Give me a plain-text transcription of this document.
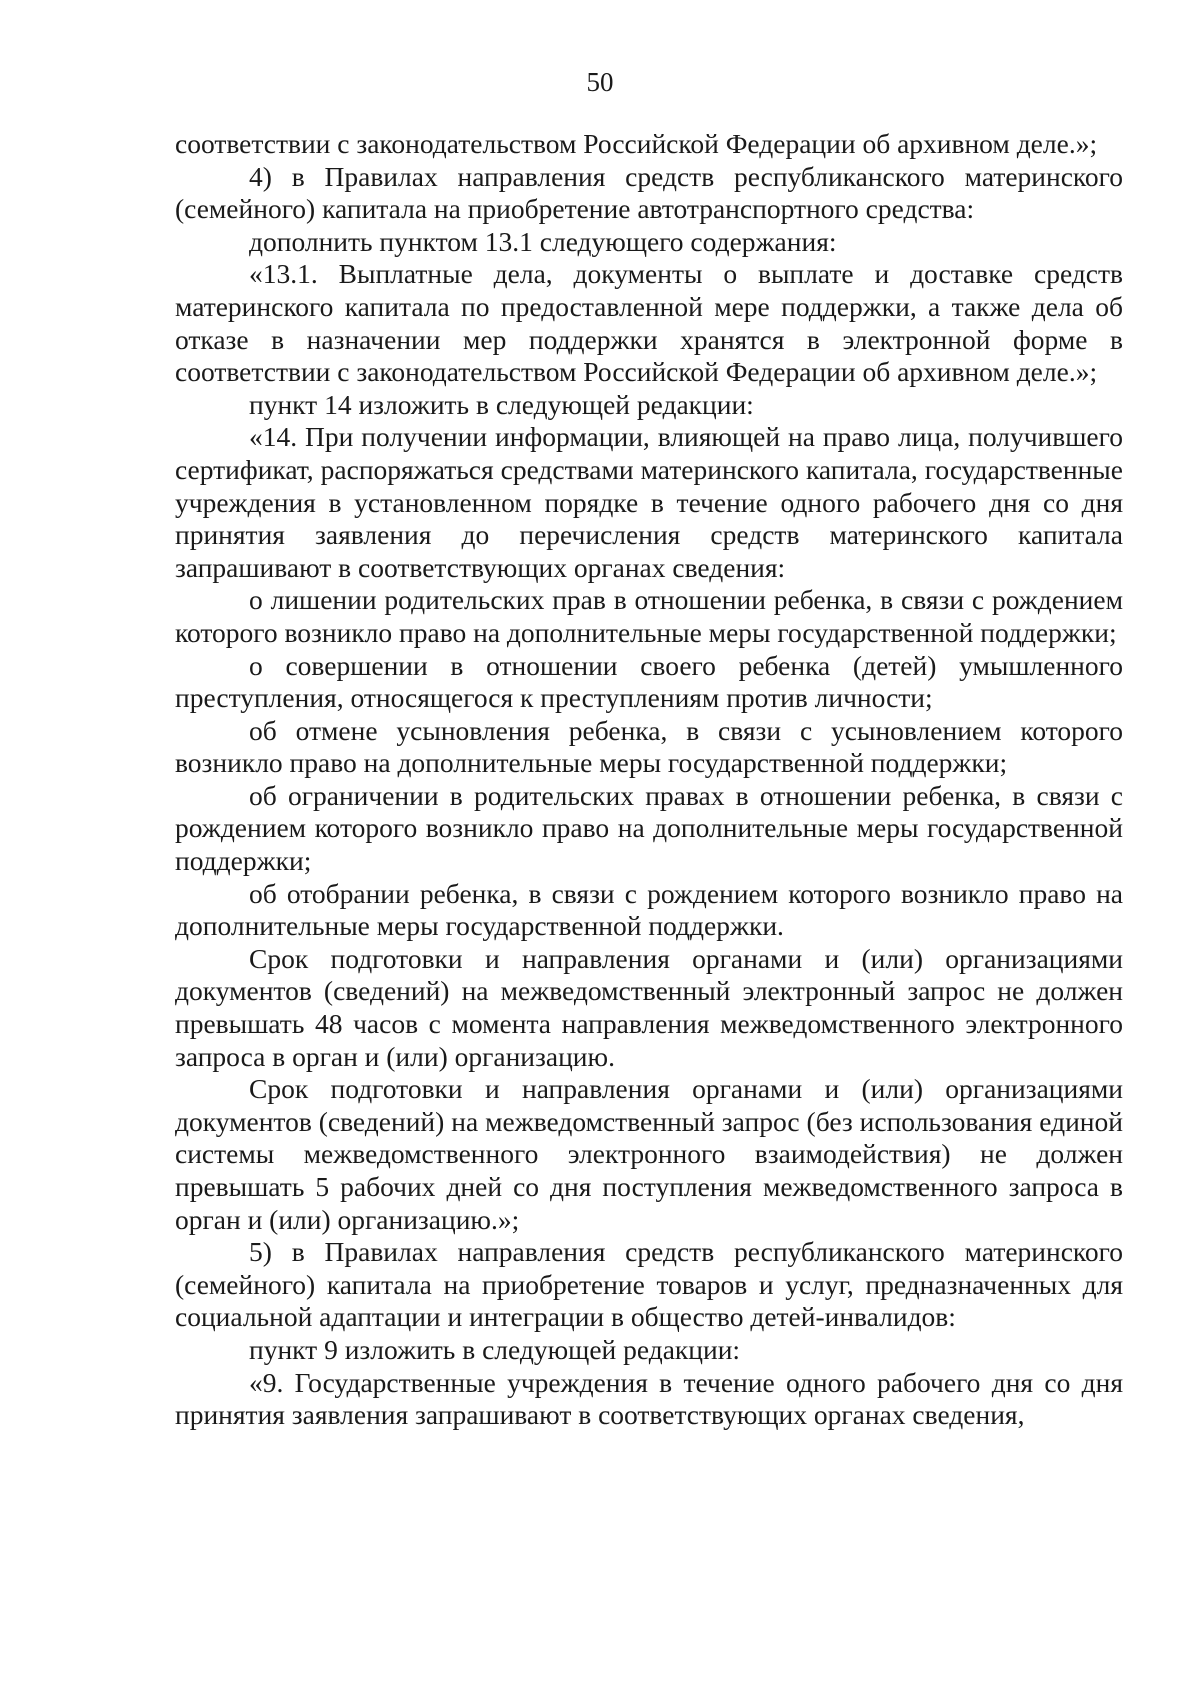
50

соответствии с законодательством Российской Федерации об архивном деле.»;

4) в Правилах направления средств республиканского материнского (семейного) капитала на приобретение автотранспортного средства:

дополнить пунктом 13.1 следующего содержания:

«13.1. Выплатные дела, документы о выплате и доставке средств материнского капитала по предоставленной мере поддержки, а также дела об отказе в назначении мер поддержки хранятся в электронной форме в соответствии с законодательством Российской Федерации об архивном деле.»;

пункт 14 изложить в следующей редакции:

«14. При получении информации, влияющей на право лица, получившего сертификат, распоряжаться средствами материнского капитала, государственные учреждения в установленном порядке в течение одного рабочего дня со дня принятия заявления до перечисления средств материнского капитала запрашивают в соответствующих органах сведения:

о лишении родительских прав в отношении ребенка, в связи с рождением которого возникло право на дополнительные меры государственной поддержки;

о совершении в отношении своего ребенка (детей) умышленного преступления, относящегося к преступлениям против личности;

об отмене усыновления ребенка, в связи с усыновлением которого возникло право на дополнительные меры государственной поддержки;

об ограничении в родительских правах в отношении ребенка, в связи с рождением которого возникло право на дополнительные меры государственной поддержки;

об отобрании ребенка, в связи с рождением которого возникло право на дополнительные меры государственной поддержки.

Срок подготовки и направления органами и (или) организациями документов (сведений) на межведомственный электронный запрос не должен превышать 48 часов с момента направления межведомственного электронного запроса в орган и (или) организацию.

Срок подготовки и направления органами и (или) организациями документов (сведений) на межведомственный запрос (без использования единой системы межведомственного электронного взаимодействия) не должен превышать 5 рабочих дней со дня поступления межведомственного запроса в орган и (или) организацию.»;

5) в Правилах направления средств республиканского материнского (семейного) капитала на приобретение товаров и услуг, предназначенных для социальной адаптации и интеграции в общество детей-инвалидов:

пункт 9 изложить в следующей редакции:

«9. Государственные учреждения в течение одного рабочего дня со дня принятия заявления запрашивают в соответствующих органах сведения,
